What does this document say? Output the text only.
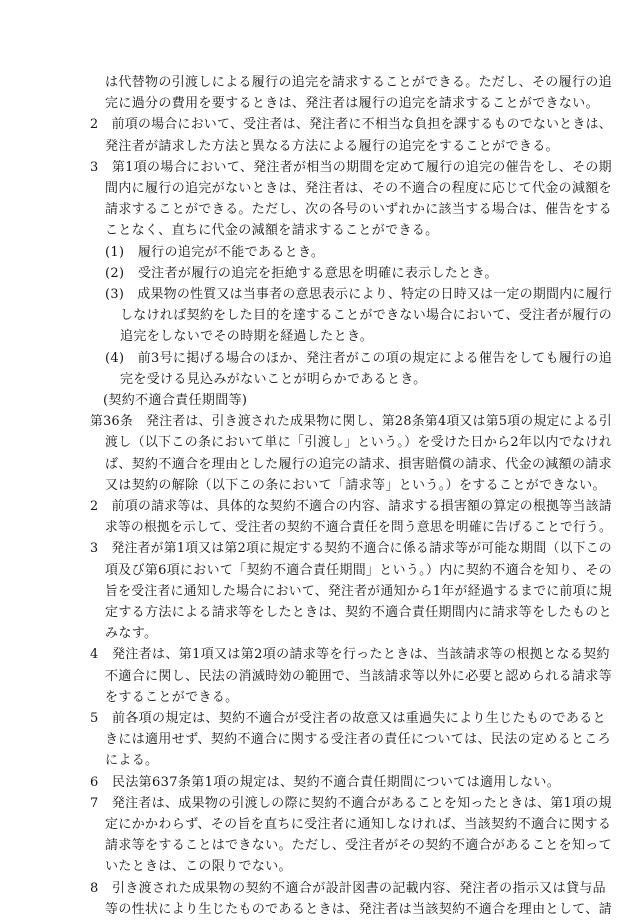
は代替物の引渡しによる履行の追完を請求することができる。ただし、その履行の追
完に過分の費用を要するときは、発注者は履行の追完を請求することができない。
2　前項の場合において、受注者は、発注者に不相当な負担を課するものでないときは、
発注者が請求した方法と異なる方法による履行の追完をすることができる。
3　第1項の場合において、発注者が相当の期間を定めて履行の追完の催告をし、その期
間内に履行の追完がないときは、発注者は、その不適合の程度に応じて代金の減額を
請求することができる。ただし、次の各号のいずれかに該当する場合は、催告をする
ことなく、直ちに代金の減額を請求することができる。
(1)　履行の追完が不能であるとき。
(2)　受注者が履行の追完を拒絶する意思を明確に表示したとき。
(3)　成果物の性質又は当事者の意思表示により、特定の日時又は一定の期間内に履行
しなければ契約をした目的を達することができない場合において、受注者が履行の
追完をしないでその時期を経過したとき。
(4)　前3号に掲げる場合のほか、発注者がこの項の規定による催告をしても履行の追
完を受ける見込みがないことが明らかであるとき。
(契約不適合責任期間等)
第36条　発注者は、引き渡された成果物に関し、第28条第4項又は第5項の規定による引
渡し（以下この条において単に「引渡し」という。）を受けた日から2年以内でなけれ
ば、契約不適合を理由とした履行の追完の請求、損害賠償の請求、代金の減額の請求
又は契約の解除（以下この条において「請求等」という。）をすることができない。
2　前項の請求等は、具体的な契約不適合の内容、請求する損害額の算定の根拠等当該請
求等の根拠を示して、受注者の契約不適合責任を問う意思を明確に告げることで行う。
3　発注者が第1項又は第2項に規定する契約不適合に係る請求等が可能な期間（以下この
項及び第6項において「契約不適合責任期間」という。）内に契約不適合を知り、その
旨を受注者に通知した場合において、発注者が通知から1年が経過するまでに前項に規
定する方法による請求等をしたときは、契約不適合責任期間内に請求等をしたものと
みなす。
4　発注者は、第1項又は第2項の請求等を行ったときは、当該請求等の根拠となる契約
不適合に関し、民法の消滅時効の範囲で、当該請求等以外に必要と認められる請求等
をすることができる。
5　前各項の規定は、契約不適合が受注者の故意又は重過失により生じたものであると
きには適用せず、契約不適合に関する受注者の責任については、民法の定めるところ
による。
6　民法第637条第1項の規定は、契約不適合責任期間については適用しない。
7　発注者は、成果物の引渡しの際に契約不適合があることを知ったときは、第1項の規
定にかかわらず、その旨を直ちに受注者に通知しなければ、当該契約不適合に関する
請求等をすることはできない。ただし、受注者がその契約不適合があることを知って
いたときは、この限りでない。
8　引き渡された成果物の契約不適合が設計図書の記載内容、発注者の指示又は貸与品
等の性状により生じたものであるときは、発注者は当該契約不適合を理由として、請
